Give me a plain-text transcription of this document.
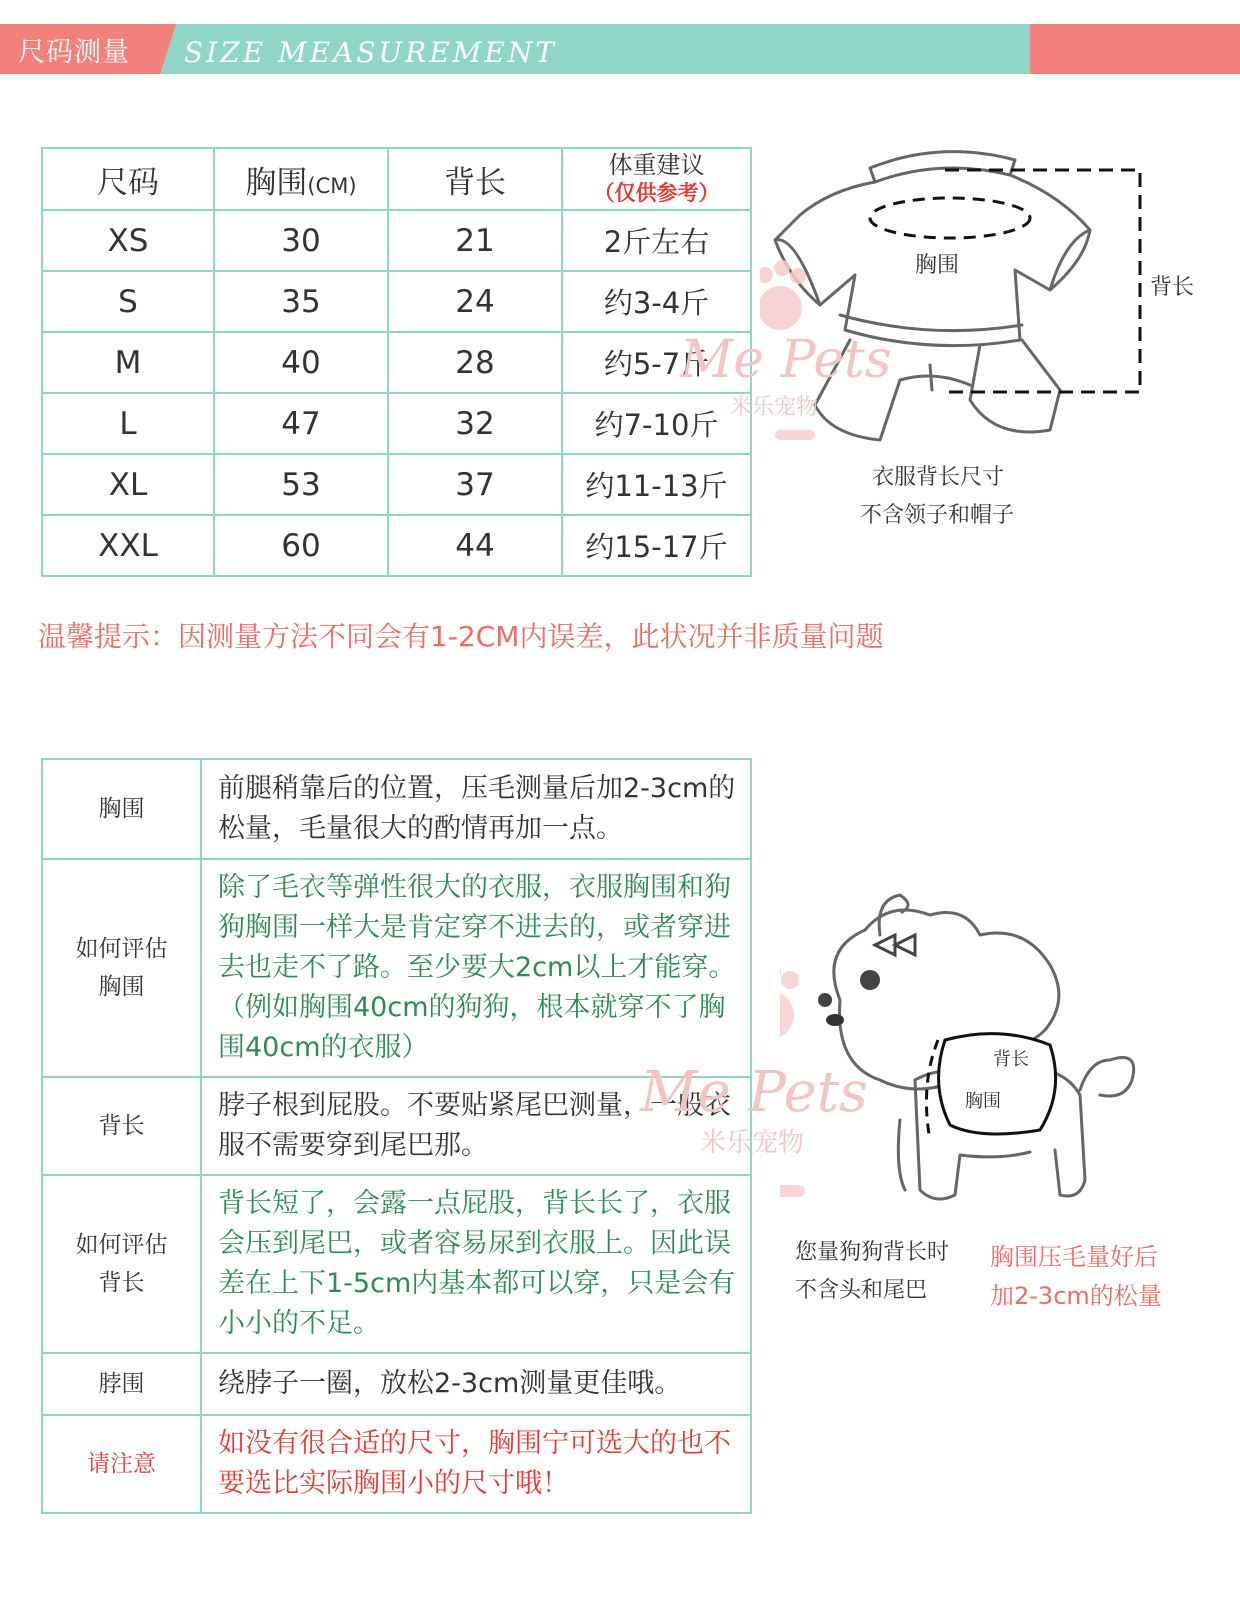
尺码测量 SIZE MEASUREMENT
尺码	胸围(CM)	背长	体重建议
（仅供参考）

XS	30	21	2斤左右
S	35	24	约3-4斤
M	40	28	约5-7斤
L	47	32	约7-10斤
XL	53	37	约11-13斤
XXL	60	44	约15-17斤
胸围
背长
Me Pets
米乐宠物
衣服背长尺寸
不含领子和帽子
温馨提示：因测量方法不同会有1-2CM内误差，此状况并非质量问题
胸围	前腿稍靠后的位置，压毛测量后加2-3cm的松量，毛量很大的酌情再加一点。

如何评估胸围	除了毛衣等弹性很大的衣服，衣服胸围和狗狗胸围一样大是肯定穿不进去的，或者穿进去也走不了路。至少要大2cm以上才能穿。（例如胸围40cm的狗狗，根本就穿不了胸围40cm的衣服）
背长	脖子根到屁股。不要贴紧尾巴测量，一般衣服不需要穿到尾巴那。

如何评估背长	背长短了，会露一点屁股，背长长了，衣服会压到尾巴，或者容易尿到衣服上。因此误差在上下1-5cm内基本都可以穿，只是会有小小的不足。
脖围	绕脖子一圈，放松2-3cm测量更佳哦。
请注意	如没有很合适的尺寸，胸围宁可选大的也不要选比实际胸围小的尺寸哦！
背长
胸围
Me Pets
米乐宠物
您量狗狗背长时
不含头和尾巴
胸围压毛量好后
加2-3cm的松量
